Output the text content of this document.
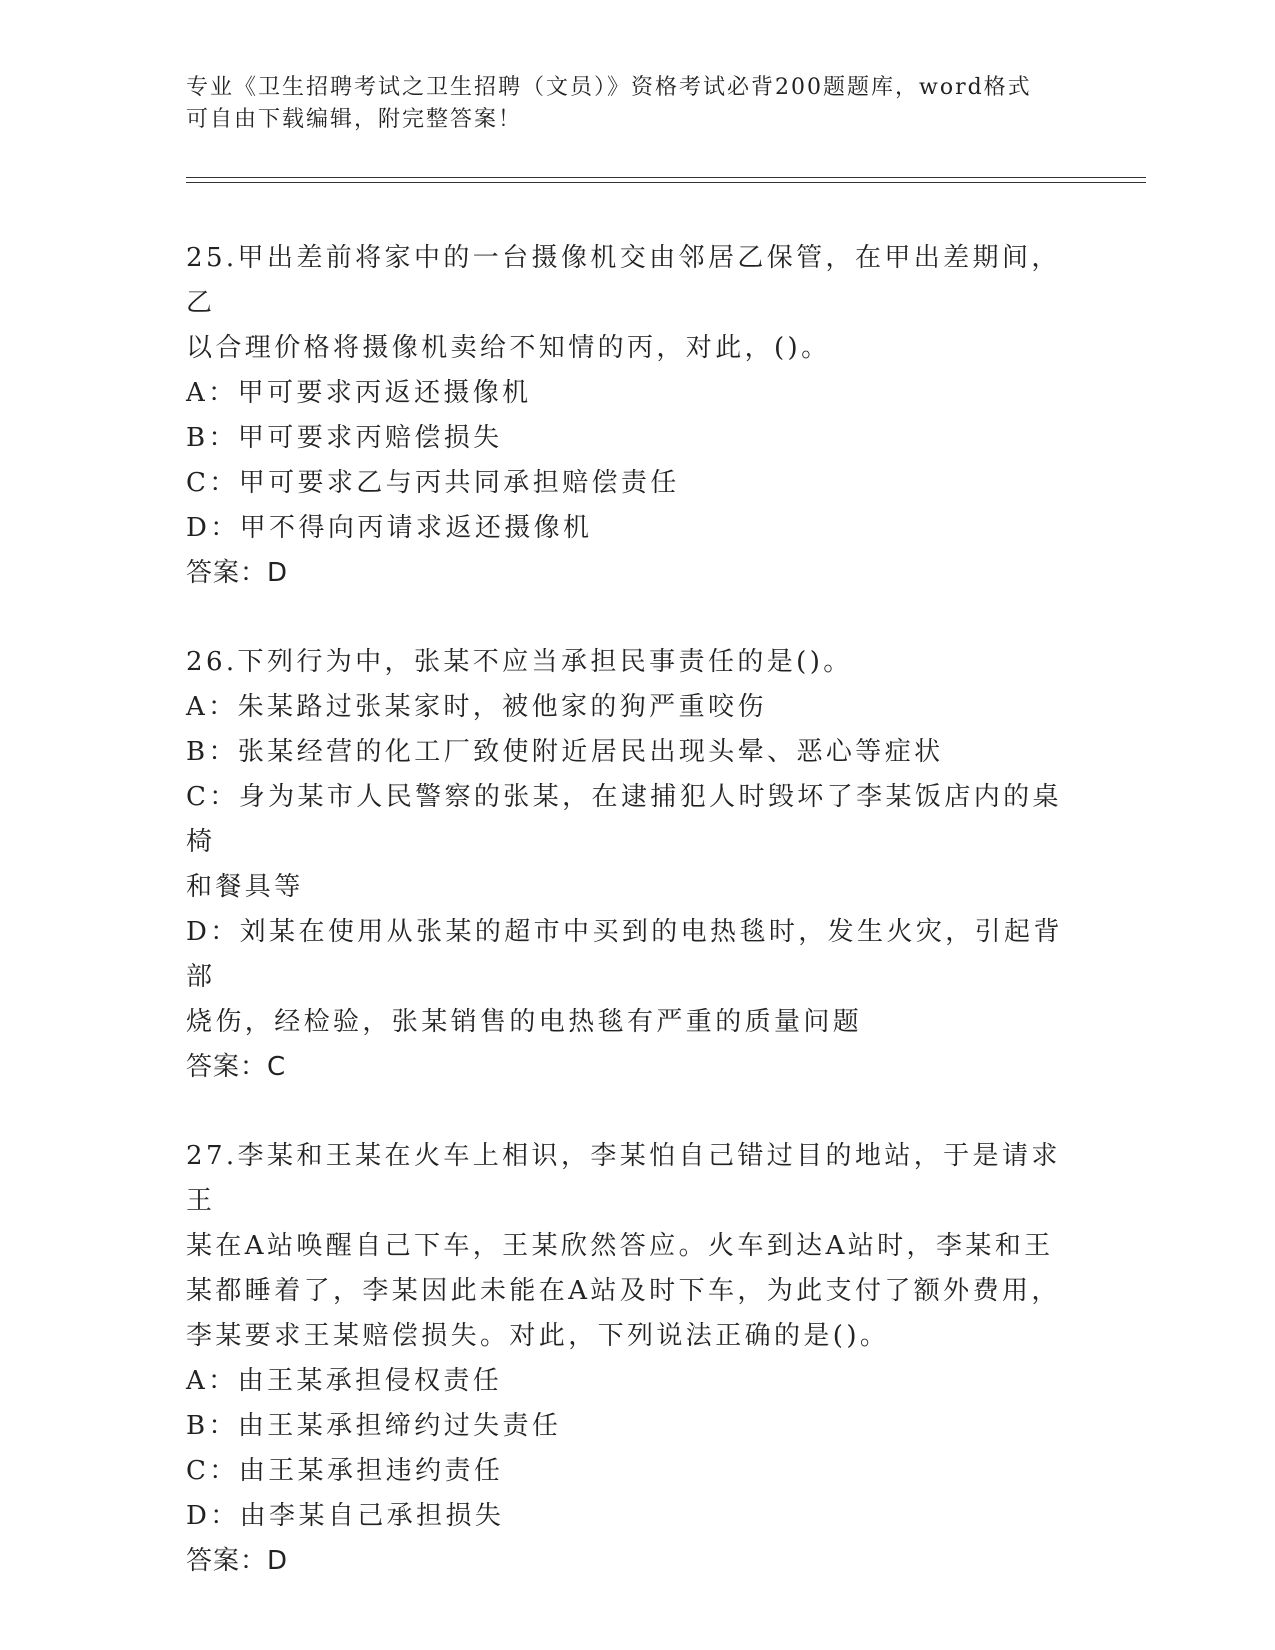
专业《卫生招聘考试之卫生招聘（文员）》资格考试必背200题题库，word格式
可自由下载编辑，附完整答案！
25.甲出差前将家中的一台摄像机交由邻居乙保管，在甲出差期间，乙
以合理价格将摄像机卖给不知情的丙，对此，()。
A：甲可要求丙返还摄像机
B：甲可要求丙赔偿损失
C：甲可要求乙与丙共同承担赔偿责任
D：甲不得向丙请求返还摄像机
答案：D
26.下列行为中，张某不应当承担民事责任的是()。
A：朱某路过张某家时，被他家的狗严重咬伤
B：张某经营的化工厂致使附近居民出现头晕、恶心等症状
C：身为某市人民警察的张某，在逮捕犯人时毁坏了李某饭店内的桌椅
和餐具等
D：刘某在使用从张某的超市中买到的电热毯时，发生火灾，引起背部
烧伤，经检验，张某销售的电热毯有严重的质量问题
答案：C
27.李某和王某在火车上相识，李某怕自己错过目的地站，于是请求王
某在A站唤醒自己下车，王某欣然答应。火车到达A站时，李某和王
某都睡着了，李某因此未能在A站及时下车，为此支付了额外费用，
李某要求王某赔偿损失。对此，下列说法正确的是()。
A：由王某承担侵权责任
B：由王某承担缔约过失责任
C：由王某承担违约责任
D：由李某自己承担损失
答案：D
